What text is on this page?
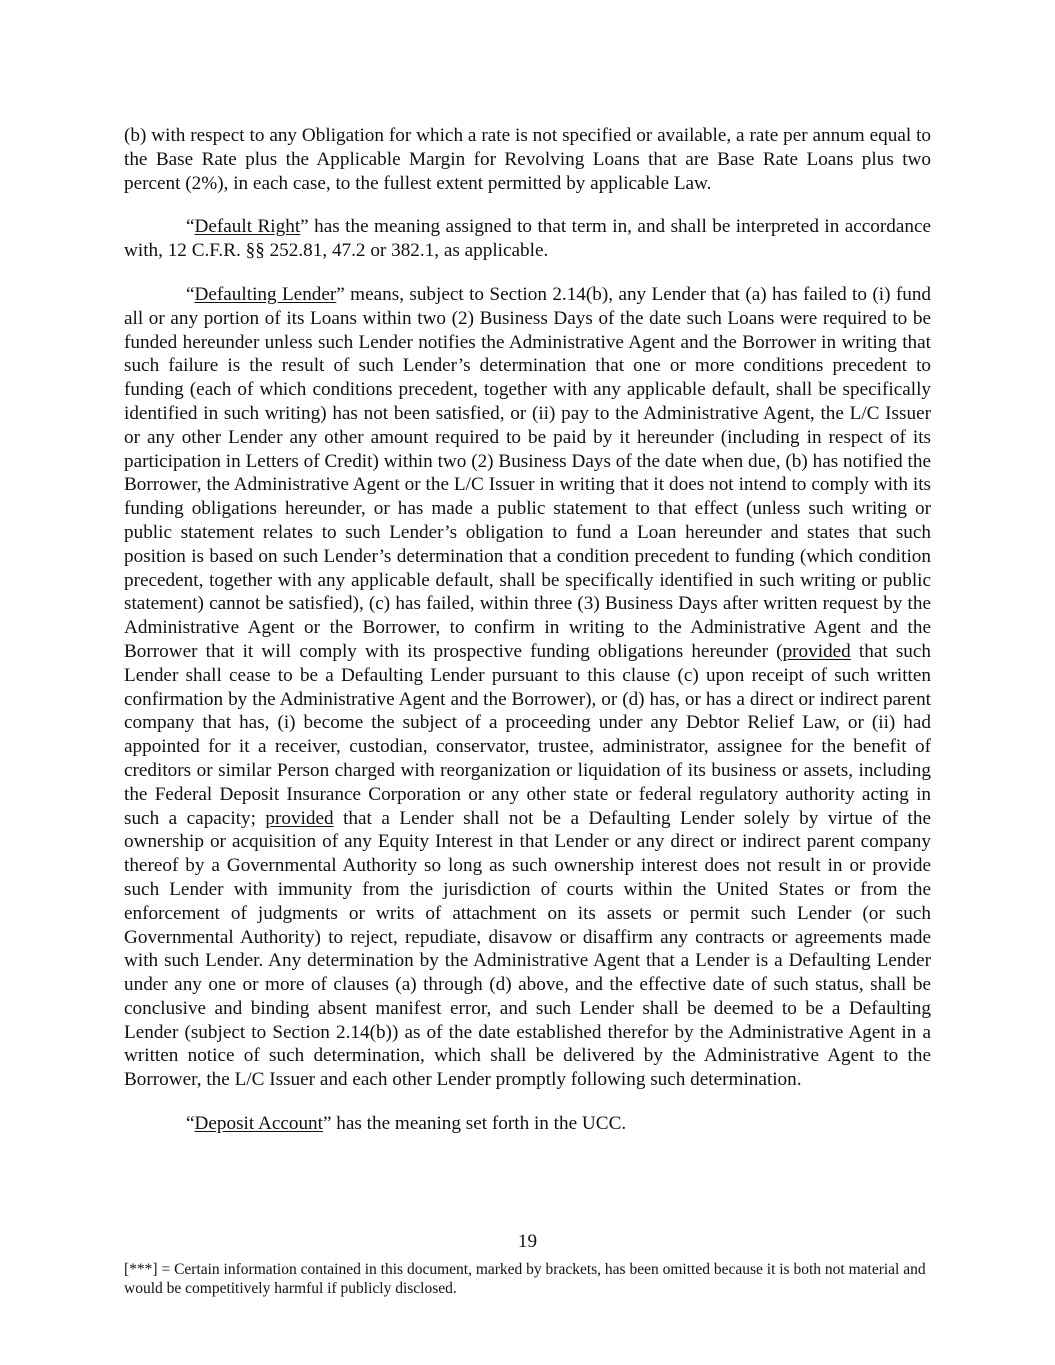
(b) with respect to any Obligation for which a rate is not specified or available, a rate per annum equal to the Base Rate plus the Applicable Margin for Revolving Loans that are Base Rate Loans plus two percent (2%), in each case, to the fullest extent permitted by applicable Law.

“Default Right” has the meaning assigned to that term in, and shall be interpreted in accordance with, 12 C.F.R. §§ 252.81, 47.2 or 382.1, as applicable.

“Defaulting Lender” means, subject to Section 2.14(b), any Lender that (a) has failed to (i) fund all or any portion of its Loans within two (2) Business Days of the date such Loans were required to be funded hereunder unless such Lender notifies the Administrative Agent and the Borrower in writing that such failure is the result of such Lender’s determination that one or more conditions precedent to funding (each of which conditions precedent, together with any applicable default, shall be specifically identified in such writing) has not been satisfied, or (ii) pay to the Administrative Agent, the L/C Issuer or any other Lender any other amount required to be paid by it hereunder (including in respect of its participation in Letters of Credit) within two (2) Business Days of the date when due, (b) has notified the Borrower, the Administrative Agent or the L/C Issuer in writing that it does not intend to comply with its funding obligations hereunder, or has made a public statement to that effect (unless such writing or public statement relates to such Lender’s obligation to fund a Loan hereunder and states that such position is based on such Lender’s determination that a condition precedent to funding (which condition precedent, together with any applicable default, shall be specifically identified in such writing or public statement) cannot be satisfied), (c) has failed, within three (3) Business Days after written request by the Administrative Agent or the Borrower, to confirm in writing to the Administrative Agent and the Borrower that it will comply with its prospective funding obligations hereunder (provided that such Lender shall cease to be a Defaulting Lender pursuant to this clause (c) upon receipt of such written confirmation by the Administrative Agent and the Borrower), or (d) has, or has a direct or indirect parent company that has, (i) become the subject of a proceeding under any Debtor Relief Law, or (ii) had appointed for it a receiver, custodian, conservator, trustee, administrator, assignee for the benefit of creditors or similar Person charged with reorganization or liquidation of its business or assets, including the Federal Deposit Insurance Corporation or any other state or federal regulatory authority acting in such a capacity; provided that a Lender shall not be a Defaulting Lender solely by virtue of the ownership or acquisition of any Equity Interest in that Lender or any direct or indirect parent company thereof by a Governmental Authority so long as such ownership interest does not result in or provide such Lender with immunity from the jurisdiction of courts within the United States or from the enforcement of judgments or writs of attachment on its assets or permit such Lender (or such Governmental Authority) to reject, repudiate, disavow or disaffirm any contracts or agreements made with such Lender. Any determination by the Administrative Agent that a Lender is a Defaulting Lender under any one or more of clauses (a) through (d) above, and the effective date of such status, shall be conclusive and binding absent manifest error, and such Lender shall be deemed to be a Defaulting Lender (subject to Section 2.14(b)) as of the date established therefor by the Administrative Agent in a written notice of such determination, which shall be delivered by the Administrative Agent to the Borrower, the L/C Issuer and each other Lender promptly following such determination.

“Deposit Account” has the meaning set forth in the UCC.

19
[***] = Certain information contained in this document, marked by brackets, has been omitted because it is both not material and would be competitively harmful if publicly disclosed.
